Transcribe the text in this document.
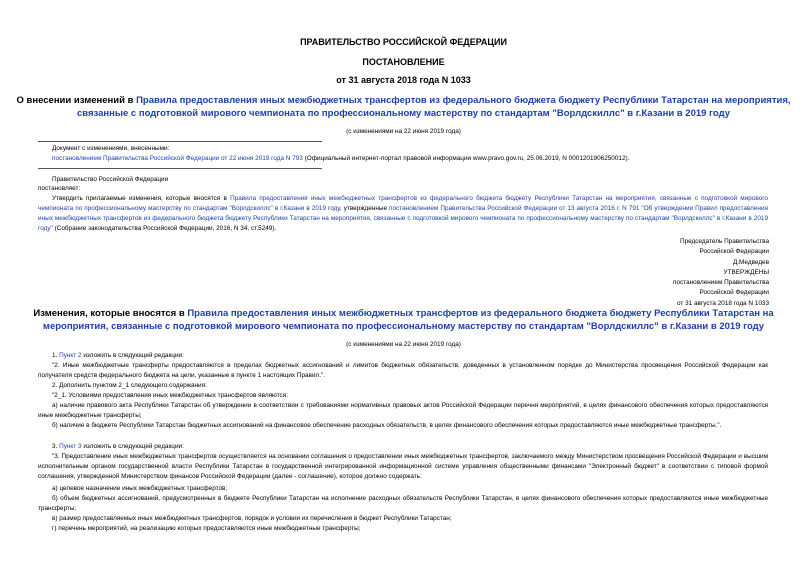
ПРАВИТЕЛЬСТВО РОССИЙСКОЙ ФЕДЕРАЦИИ

ПОСТАНОВЛЕНИЕ

от 31 августа 2018 года N 1033

О внесении изменений в Правила предоставления иных межбюджетных трансфертов из федерального бюджета бюджету Республики Татарстан на мероприятия,

связанные с подготовкой мирового чемпионата по профессиональному мастерству по стандартам "Ворлдскиллс" в г.Казани в 2019 году

(с изменениями на 22 июня 2019 года)

Документ с изменениями, внесенными:

постановлением Правительства Российской Федерации от 22 июня 2019 года N 793 (Официальный интернет-портал правовой информации www.pravo.gov.ru, 25.06.2019, N 0001201906250012).

Правительство Российской Федерации

постановляет:

Утвердить прилагаемые изменения, которые вносятся в Правила предоставления иных межбюджетных трансфертов из федерального бюджета бюджету Республики Татарстан на мероприятия, связанные с подготовкой мирового чемпионата по профессиональному мастерству по стандартам "Ворлдскиллс" в г.Казани в 2019 году, утвержденные постановлением Правительства Российской Федерации от 13 августа 2016 г. N 791 "Об утверждении Правил предоставления иных межбюджетных трансфертов из федерального бюджета бюджету Республики Татарстан на мероприятия, связанные с подготовкой мирового чемпионата по профессиональному мастерству по стандартам "Ворлдскиллс" в г.Казани в 2019 году" (Собрание законодательства Российской Федерации, 2016, N 34, ст.5249).

Председатель Правительства
Российской Федерации
Д.Медведев
УТВЕРЖДЕНЫ
постановлением Правительства
Российской Федерации
от 31 августа 2018 года N 1033

Изменения, которые вносятся в Правила предоставления иных межбюджетных трансфертов из федерального бюджета бюджету Республики Татарстан на

мероприятия, связанные с подготовкой мирового чемпионата по профессиональному мастерству по стандартам "Ворлдскиллс" в г.Казани в 2019 году

(с изменениями на 22 июня 2019 года)

1. Пункт 2 изложить в следующей редакции:

"2. Иные межбюджетные трансферты предоставляются в пределах бюджетных ассигнований и лимитов бюджетных обязательств, доведенных в установленном порядке до Министерства просвещения Российской Федерации как получателя средств федерального бюджета на цели, указанные в пункте 1 настоящих Правил.".

2. Дополнить пунктом 2_1 следующего содержания:

"2_1. Условиями предоставления иных межбюджетных трансфертов являются:

а) наличие правового акта Республики Татарстан об утверждении в соответствии с требованиями нормативных правовых актов Российской Федерации перечня мероприятий, в целях финансового обеспечения которых предоставляются иные межбюджетные трансферты;

б) наличие в бюджете Республики Татарстан бюджетных ассигнований на финансовое обеспечение расходных обязательств, в целях финансового обеспечения которых предоставляются иные межбюджетные трансферты.".

3. Пункт 3 изложить в следующей редакции:

"3. Предоставление иных межбюджетных трансфертов осуществляется на основании соглашения о предоставлении иных межбюджетных трансфертов, заключаемого между Министерством просвещения Российской Федерации и высшим исполнительным органом государственной власти Республики Татарстан в государственной интегрированной информационной системе управления общественными финансами "Электронный бюджет" в соответствии с типовой формой соглашения, утвержденной Министерством финансов Российской Федерации (далее - соглашение), которое должно содержать:

а) целевое назначение иных межбюджетных трансфертов;

б) объем бюджетных ассигнований, предусмотренных в бюджете Республики Татарстан на исполнение расходных обязательств Республики Татарстан, в целях финансового обеспечения которых предоставляются иные межбюджетные трансферты;

в) размер предоставляемых иных межбюджетных трансфертов, порядок и условия их перечисления в бюджет Республики Татарстан;

г) перечень мероприятий, на реализацию которых предоставляются иные межбюджетные трансферты;
